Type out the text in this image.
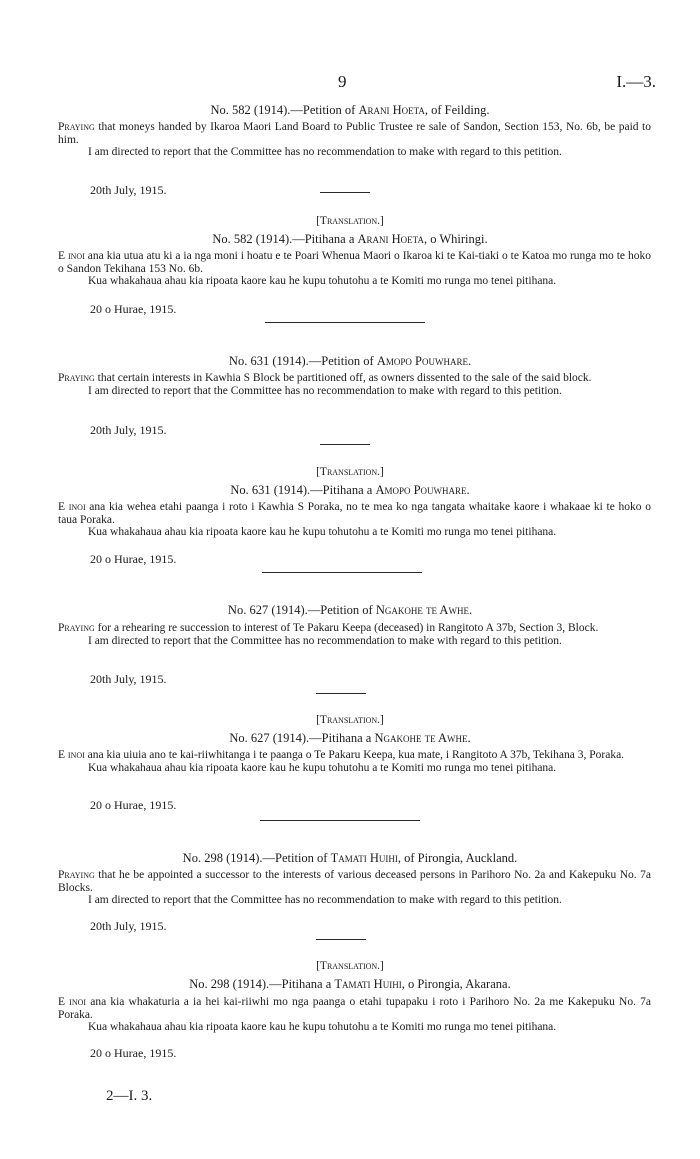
9	I.—3.
No. 582 (1914).—Petition of Arani Hoeta, of Feilding.

Praying that moneys handed by Ikaroa Maori Land Board to Public Trustee re sale of Sandon, Section 153, No. 6b, be paid to him.

I am directed to report that the Committee has no recommendation to make with regard to this petition.

20th July, 1915.
[Translation.]
No. 582 (1914).—Pitihana a Arani Hoeta, o Whiringi.

E inoi ana kia utua atu ki a ia nga moni i hoatu e te Poari Whenua Maori o Ikaroa ki te Kai-tiaki o te Katoa mo runga mo te hoko o Sandon Tekihana 153 No. 6b.

Kua whakahaua ahau kia ripoata kaore kau he kupu tohutohu a te Komiti mo runga mo tenei pitihana.

20 o Hurae, 1915.
No. 631 (1914).—Petition of Amopo Pouwhare.

Praying that certain interests in Kawhia S Block be partitioned off, as owners dissented to the sale of the said block.

I am directed to report that the Committee has no recommendation to make with regard to this petition.

20th July, 1915.
[Translation.]
No. 631 (1914).—Pitihana a Amopo Pouwhare.

E inoi ana kia wehea etahi paanga i roto i Kawhia S Poraka, no te mea ko nga tangata whaitake kaore i whakaae ki te hoko o taua Poraka.

Kua whakahaua ahau kia ripoata kaore kau he kupu tohutohu a te Komiti mo runga mo tenei pitihana.

20 o Hurae, 1915.
No. 627 (1914).—Petition of Ngakohe te Awhe.

Praying for a rehearing re succession to interest of Te Pakaru Keepa (deceased) in Rangitoto A 37b, Section 3, Block.

I am directed to report that the Committee has no recommendation to make with regard to this petition.

20th July, 1915.
[Translation.]
No. 627 (1914).—Pitihana a Ngakohe te Awhe.

E inoi ana kia uiuia ano te kai-riiwhitanga i te paanga o Te Pakaru Keepa, kua mate, i Rangitoto A 37b, Tekihana 3, Poraka.

Kua whakahaua ahau kia ripoata kaore kau he kupu tohutohu a te Komiti mo runga mo tenei pitihana.

20 o Hurae, 1915.
No. 298 (1914).—Petition of Tamati Huihi, of Pirongia, Auckland.

Praying that he be appointed a successor to the interests of various deceased persons in Parihoro No. 2a and Kakepuku No. 7a Blocks.

I am directed to report that the Committee has no recommendation to make with regard to this petition.

20th July, 1915.
[Translation.]
No. 298 (1914).—Pitihana a Tamati Huihi, o Pirongia, Akarana.

E inoi ana kia whakaturia a ia hei kai-riiwhi mo nga paanga o etahi tupapaku i roto i Parihoro No. 2a me Kakepuku No. 7a Poraka.

Kua whakahaua ahau kia ripoata kaore kau he kupu tohutohu a te Komiti mo runga mo tenei pitihana.

20 o Hurae, 1915.
2—I. 3.
